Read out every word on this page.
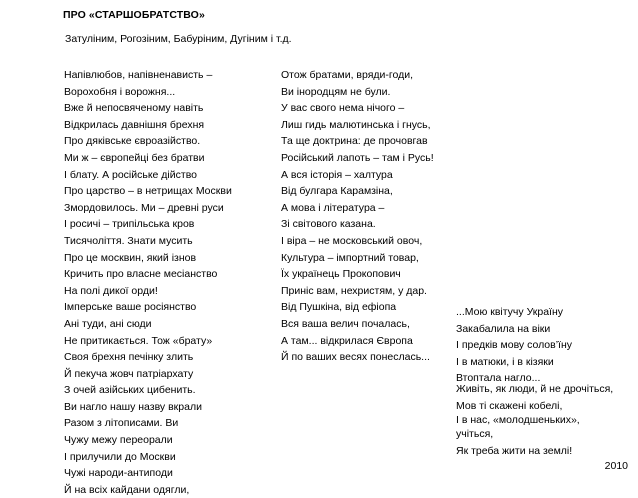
ПРО «СТАРШОБРАТСТВО»
Затуліним, Рогозіним, Бабуріним, Дугіним і т.д.
Напівлюбов, напівненависть –
Ворохобня і ворожня...
Вже й непосвяченому навіть
Відкрилась давнішня брехня
Про дяківське євроазійство.
Ми ж – європейці без братви
І блату. А російське дійство
Про царство – в нетрищах Москви
Змордовилось. Ми – древні руси
І росичі – трипільська кров
Тисячоліття. Знати мусить
Про це москвин, який ізнов
Кричить про власне месіанство
На полі дикої орди!
Імперське ваше росіянство
Ані туди, ані сюди
Не притикається. Тож «брату»
Своя брехня печінку злить
Й пекуча жовч патріархату
З очей азійських цибенить.
Ви нагло нашу назву вкрали
Разом з літописами. Ви
Чужу межу переорали
І прилучили до Москви
Чужі народи-антиподи
Й на всіх кайдани одягли,
Отож братами, вряди-годи,
Ви інородцям не були.
У вас свого нема нічого –
Лиш гидь малютинська і гнусь,
Та ще доктрина: де прочовгав
Російський лапоть – там і Русь!
А вся історія – халтура
Від булгара Карамзіна,
А мова і література –
Зі світового казана.
І віра – не московський овоч,
Культура – імпортний товар,
Їх українець Прокопович
Приніс вам, нехристям, у дар.
Від Пушкіна, від ефіопа
Вся ваша велич почалась,
А там... відкрилася Європа
Й по ваших весях понеслась...
...Мою квітучу Україну
Закабалила на віки
І предків мову солов’їну
І в матюки, і в кізяки
Втоптала нагло...
Живіть, як люди, й не дрочіться,
Мов ті скажені кобелі,
І в нас, «молодшеньких»,
учіться,
Як треба жити на землі!
2010
